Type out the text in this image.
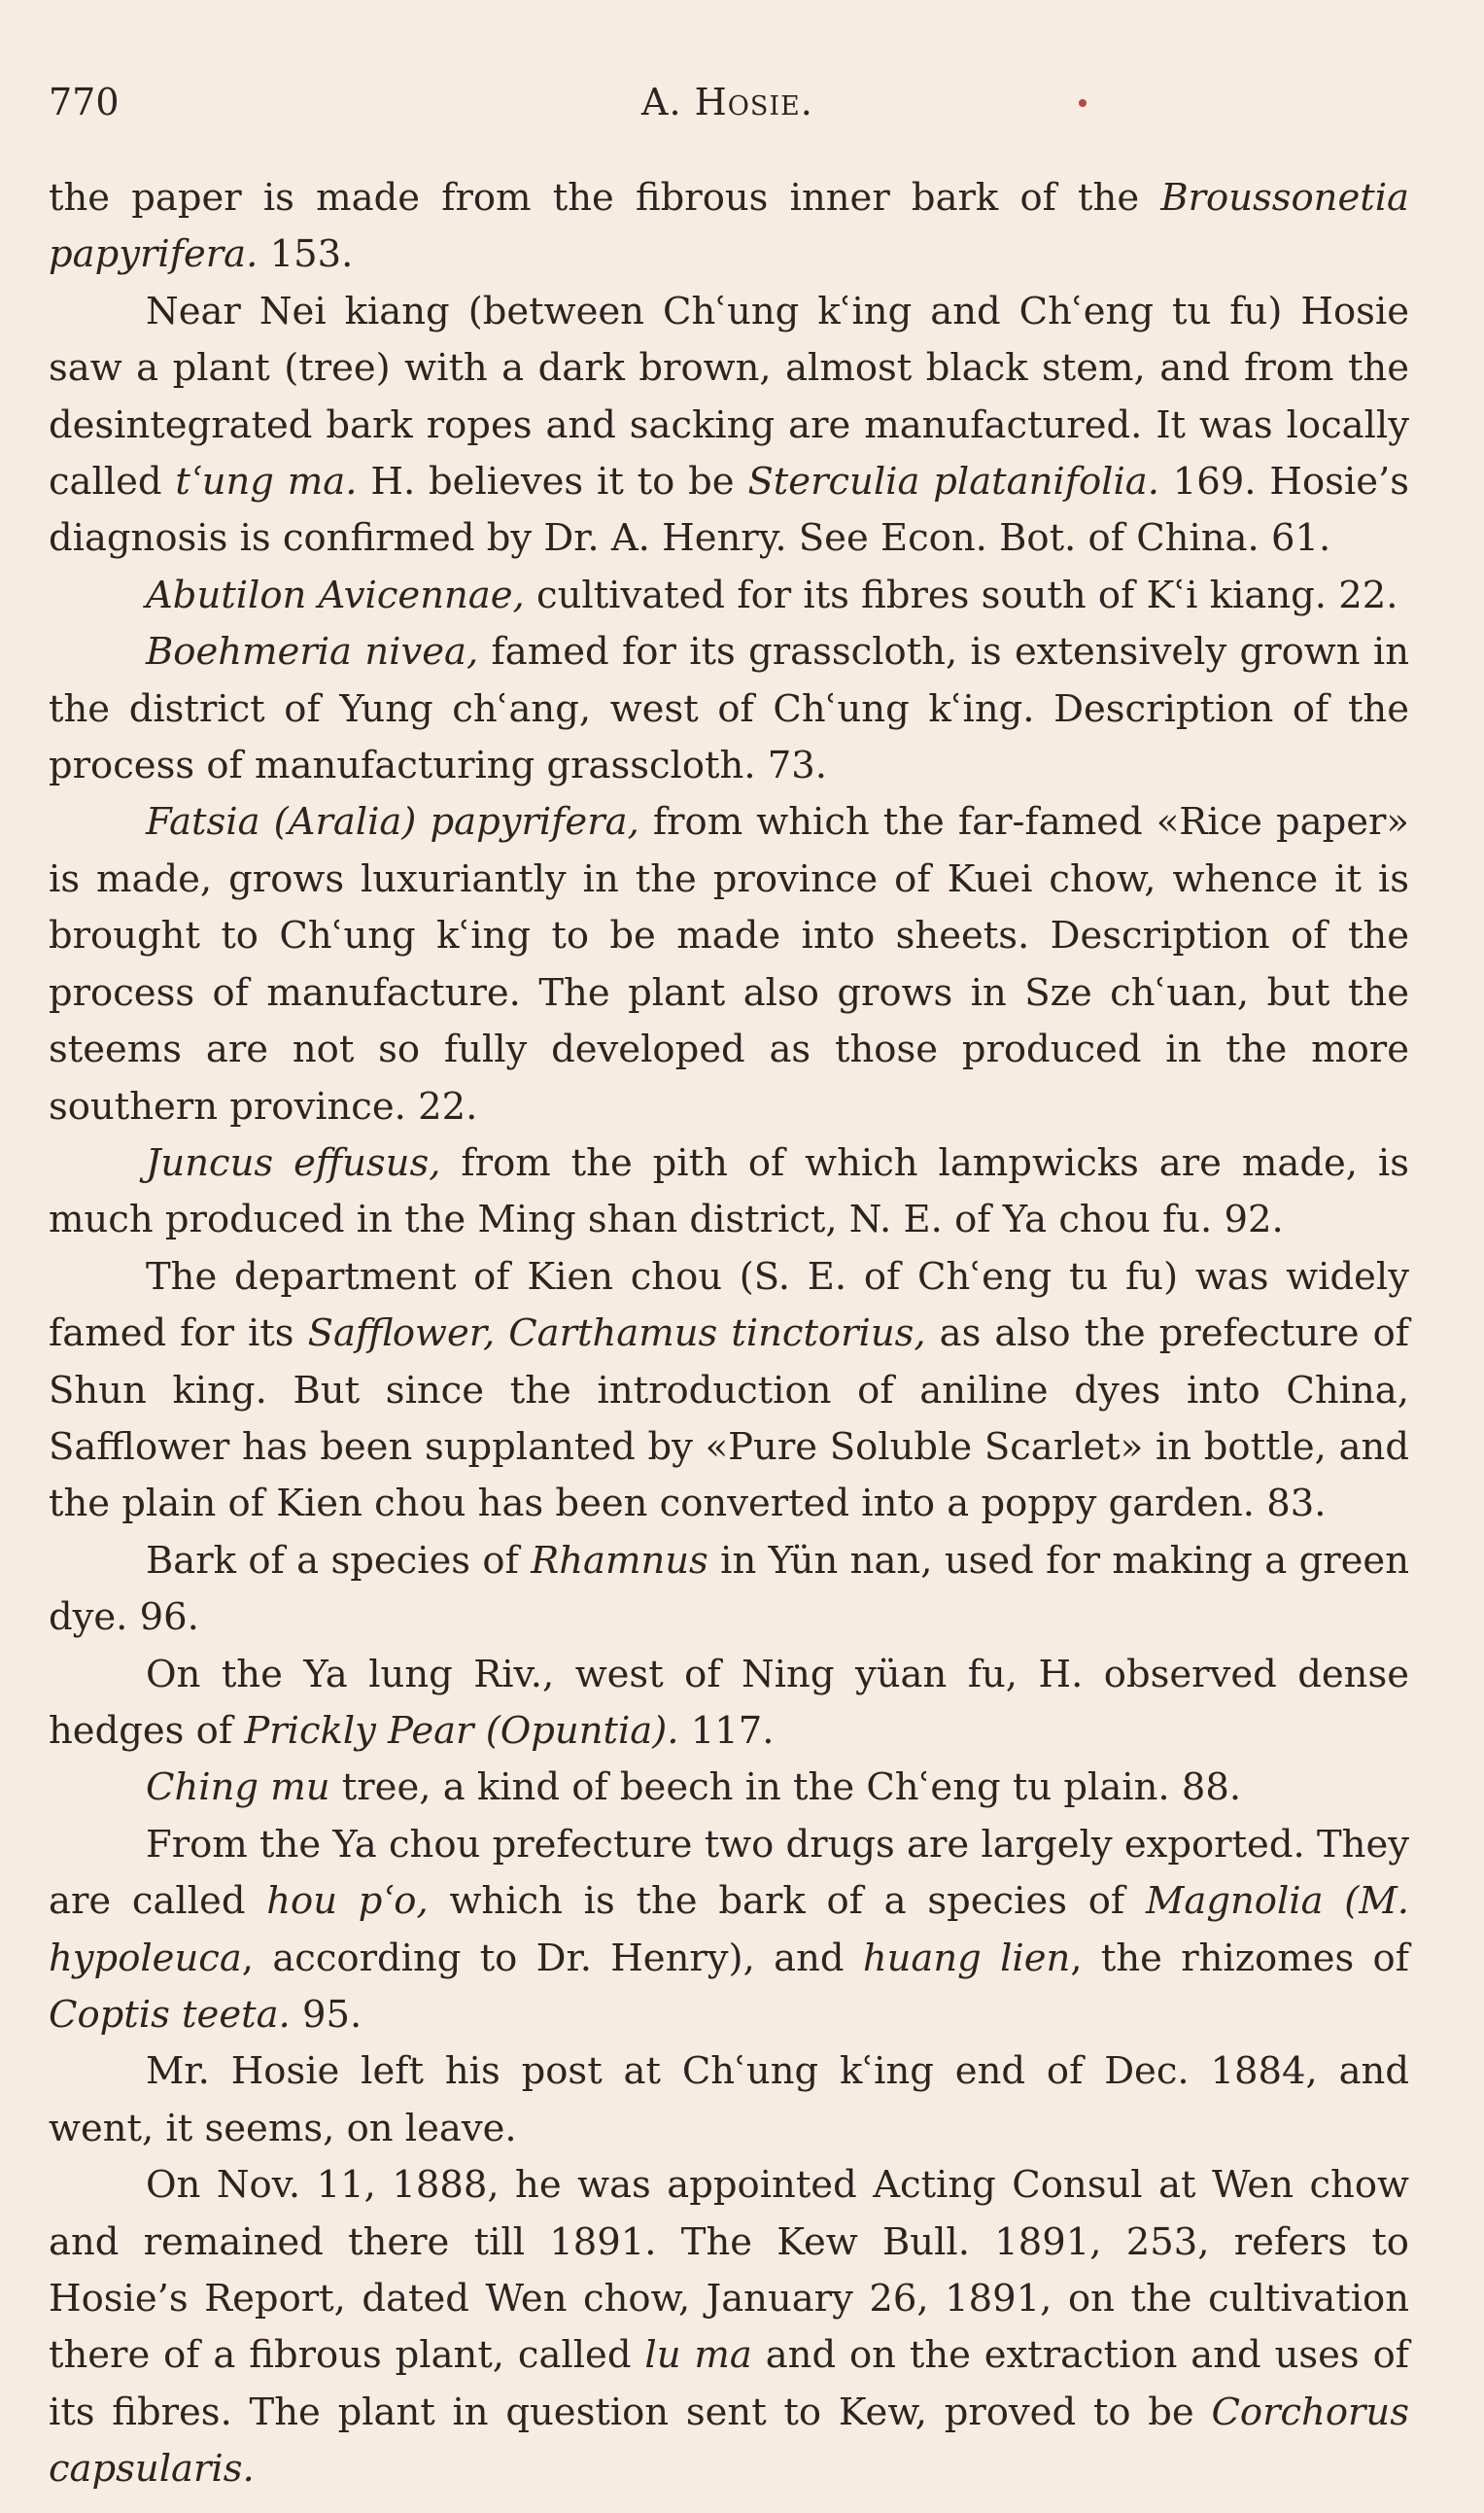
770	A. Hosie.

the paper is made from the fibrous inner bark of the Broussonetia papyrifera. 153.

Near Nei kiang (between Chʿung kʿing and Chʿeng tu fu) Hosie saw a plant (tree) with a dark brown, almost black stem, and from the desintegrated bark ropes and sacking are manufactured. It was locally called tʿung ma. H. believes it to be Sterculia platanifolia. 169. Hosie’s diagnosis is confirmed by Dr. A. Henry. See Econ. Bot. of China. 61.

Abutilon Avicennae, cultivated for its fibres south of Kʿi kiang. 22.

Boehmeria nivea, famed for its grasscloth, is extensively grown in the district of Yung chʿang, west of Chʿung kʿing. Description of the process of manufacturing grasscloth. 73.

Fatsia (Aralia) papyrifera, from which the far-famed «Rice paper» is made, grows luxuriantly in the province of Kuei chow, whence it is brought to Chʿung kʿing to be made into sheets. Description of the process of manufacture. The plant also grows in Sze chʿuan, but the steems are not so fully developed as those produced in the more southern province. 22.

Juncus effusus, from the pith of which lampwicks are made, is much produced in the Ming shan district, N. E. of Ya chou fu. 92.

The department of Kien chou (S. E. of Chʿeng tu fu) was widely famed for its Safflower, Carthamus tinctorius, as also the prefecture of Shun king. But since the introduction of aniline dyes into China, Safflower has been supplanted by «Pure Soluble Scarlet» in bottle, and the plain of Kien chou has been converted into a poppy garden. 83.

Bark of a species of Rhamnus in Yün nan, used for making a green dye. 96.

On the Ya lung Riv., west of Ning yüan fu, H. observed dense hedges of Prickly Pear (Opuntia). 117.

Ching mu tree, a kind of beech in the Chʿeng tu plain. 88.

From the Ya chou prefecture two drugs are largely exported. They are called hou pʿo, which is the bark of a species of Magnolia (M. hypoleuca, according to Dr. Henry), and huang lien, the rhizomes of Coptis teeta. 95.

Mr. Hosie left his post at Chʿung kʿing end of Dec. 1884, and went, it seems, on leave.

On Nov. 11, 1888, he was appointed Acting Consul at Wen chow and remained there till 1891. The Kew Bull. 1891, 253, refers to Hosie’s Report, dated Wen chow, January 26, 1891, on the cultivation there of a fibrous plant, called lu ma and on the extraction and uses of its fibres. The plant in question sent to Kew, proved to be Corchorus capsularis.
